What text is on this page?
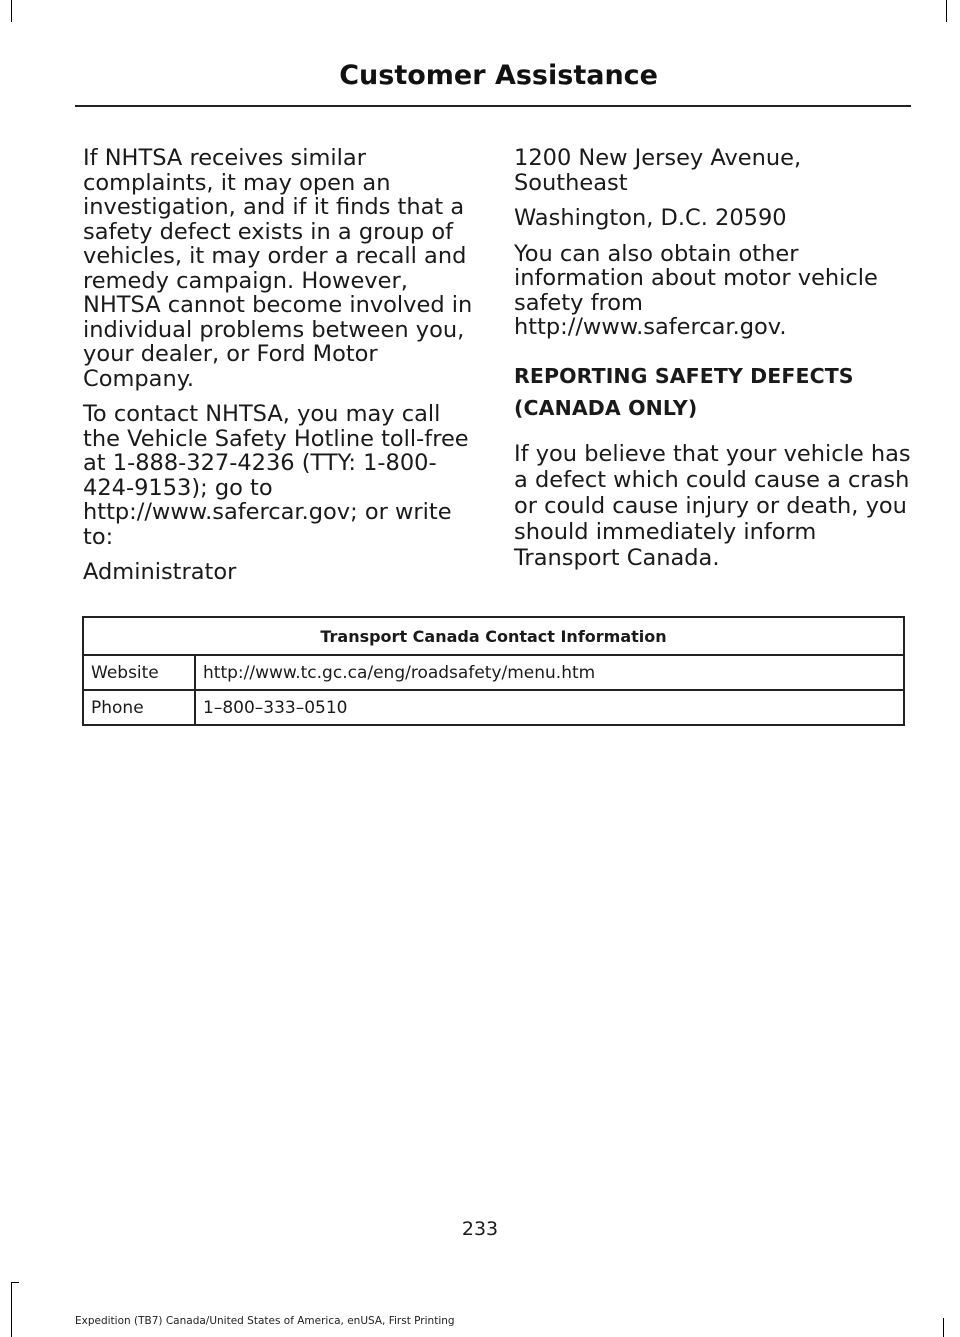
Customer Assistance

If NHTSA receives similar complaints, it may open an investigation, and if it finds that a safety defect exists in a group of vehicles, it may order a recall and remedy campaign. However, NHTSA cannot become involved in individual problems between you, your dealer, or Ford Motor Company.

To contact NHTSA, you may call the Vehicle Safety Hotline toll-free at 1-888-327-4236 (TTY: 1-800-424-9153); go to http://www.safercar.gov; or write to:

Administrator

1200 New Jersey Avenue, Southeast

Washington, D.C. 20590

You can also obtain other information about motor vehicle safety from http://www.safercar.gov.

REPORTING SAFETY DEFECTS
(CANADA ONLY)

If you believe that your vehicle has a defect which could cause a crash or could cause injury or death, you should immediately inform Transport Canada.

Transport Canada Contact Information	
Website	http://www.tc.gc.ca/eng/roadsafety/menu.htm
Phone	1–800–333–0510
233
Expedition (TB7) Canada/United States of America, enUSA, First Printing
